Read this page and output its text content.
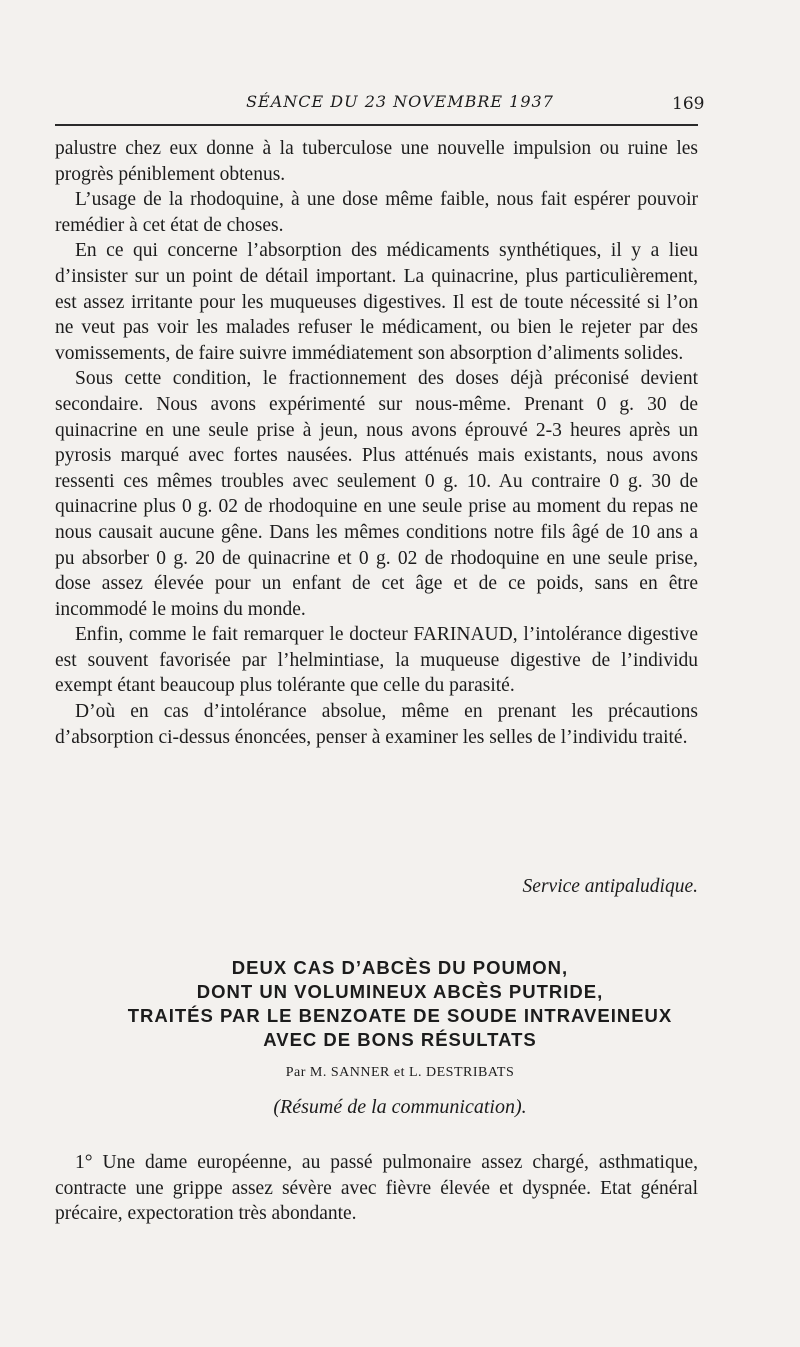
SÉANCE DU 23 NOVEMBRE 1937	169

palustre chez eux donne à la tuberculose une nouvelle impulsion ou ruine les progrès péniblement obtenus.

L’usage de la rhodoquine, à une dose même faible, nous fait espérer pouvoir remédier à cet état de choses.

En ce qui concerne l’absorption des médicaments synthétiques, il y a lieu d’insister sur un point de détail important. La quinacrine, plus particulièrement, est assez irritante pour les muqueuses digestives. Il est de toute nécessité si l’on ne veut pas voir les malades refuser le médicament, ou bien le rejeter par des vomissements, de faire suivre immédiatement son absorption d’aliments solides.

Sous cette condition, le fractionnement des doses déjà préconisé devient secondaire. Nous avons expérimenté sur nous-même. Prenant 0 g. 30 de quinacrine en une seule prise à jeun, nous avons éprouvé 2-3 heures après un pyrosis marqué avec fortes nausées. Plus atténués mais existants, nous avons ressenti ces mêmes troubles avec seulement 0 g. 10. Au contraire 0 g. 30 de quinacrine plus 0 g. 02 de rhodoquine en une seule prise au moment du repas ne nous causait aucune gêne. Dans les mêmes conditions notre fils âgé de 10 ans a pu absorber 0 g. 20 de quinacrine et 0 g. 02 de rhodoquine en une seule prise, dose assez élevée pour un enfant de cet âge et de ce poids, sans en être incommodé le moins du monde.

Enfin, comme le fait remarquer le docteur FARINAUD, l’intolérance digestive est souvent favorisée par l’helmintiase, la muqueuse digestive de l’individu exempt étant beaucoup plus tolérante que celle du parasité.

D’où en cas d’intolérance absolue, même en prenant les précautions d’absorption ci-dessus énoncées, penser à examiner les selles de l’individu traité.

Service antipaludique.
DEUX CAS D’ABCÈS DU POUMON,
DONT UN VOLUMINEUX ABCÈS PUTRIDE,
TRAITÉS PAR LE BENZOATE DE SOUDE INTRAVEINEUX
AVEC DE BONS RÉSULTATS
Par M. SANNER et L. DESTRIBATS
(Résumé de la communication).

1° Une dame européenne, au passé pulmonaire assez chargé, asthmatique, contracte une grippe assez sévère avec fièvre élevée et dyspnée. Etat général précaire, expectoration très abondante.
